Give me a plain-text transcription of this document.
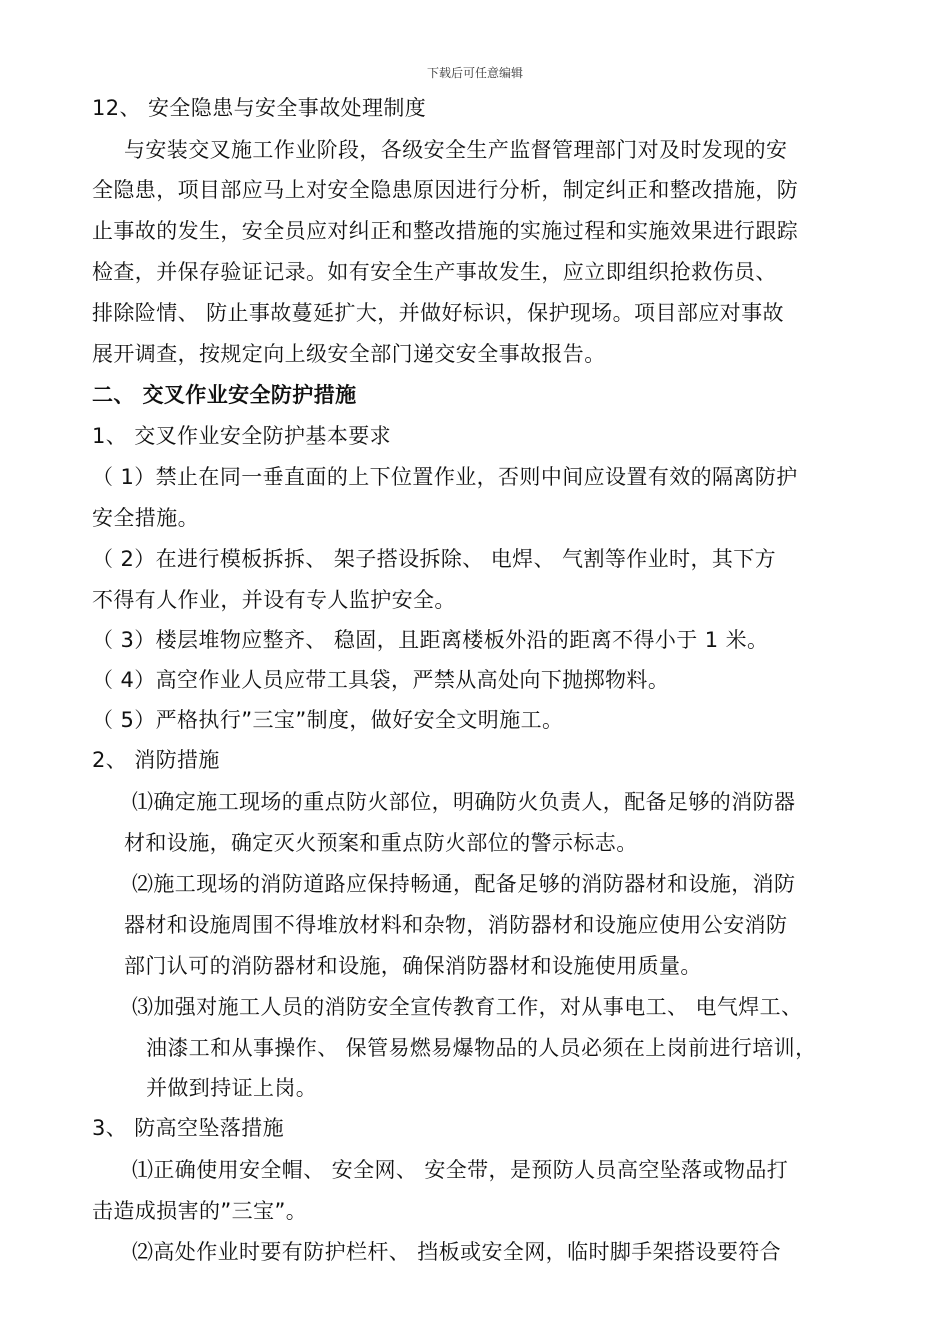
下载后可任意编辑
12、 安全隐患与安全事故处理制度
与安装交叉施工作业阶段，各级安全生产监督管理部门对及时发现的安
全隐患，项目部应马上对安全隐患原因进行分析，制定纠正和整改措施，防
止事故的发生，安全员应对纠正和整改措施的实施过程和实施效果进行跟踪
检查，并保存验证记录。如有安全生产事故发生，应立即组织抢救伤员、
排除险情、 防止事故蔓延扩大，并做好标识，保护现场。项目部应对事故
展开调查，按规定向上级安全部门递交安全事故报告。
二、 交叉作业安全防护措施
1、 交叉作业安全防护基本要求
（ 1）禁止在同一垂直面的上下位置作业，否则中间应设置有效的隔离防护
安全措施。
（ 2）在进行模板拆拆、 架子搭设拆除、 电焊、 气割等作业时，其下方
不得有人作业，并设有专人监护安全。
（ 3）楼层堆物应整齐、 稳固，且距离楼板外沿的距离不得小于 1 米。
（ 4）高空作业人员应带工具袋，严禁从高处向下抛掷物料。
（ 5）严格执行”三宝”制度，做好安全文明施工。
2、 消防措施
⑴确定施工现场的重点防火部位，明确防火负责人，配备足够的消防器
材和设施，确定灭火预案和重点防火部位的警示标志。
⑵施工现场的消防道路应保持畅通，配备足够的消防器材和设施，消防
器材和设施周围不得堆放材料和杂物，消防器材和设施应使用公安消防
部门认可的消防器材和设施，确保消防器材和设施使用质量。
⑶加强对施工人员的消防安全宣传教育工作，对从事电工、 电气焊工、
油漆工和从事操作、 保管易燃易爆物品的人员必须在上岗前进行培训，
并做到持证上岗。
3、 防高空坠落措施
⑴正确使用安全帽、 安全网、 安全带，是预防人员高空坠落或物品打
击造成损害的”三宝”。
⑵高处作业时要有防护栏杆、 挡板或安全网，临时脚手架搭设要符合
